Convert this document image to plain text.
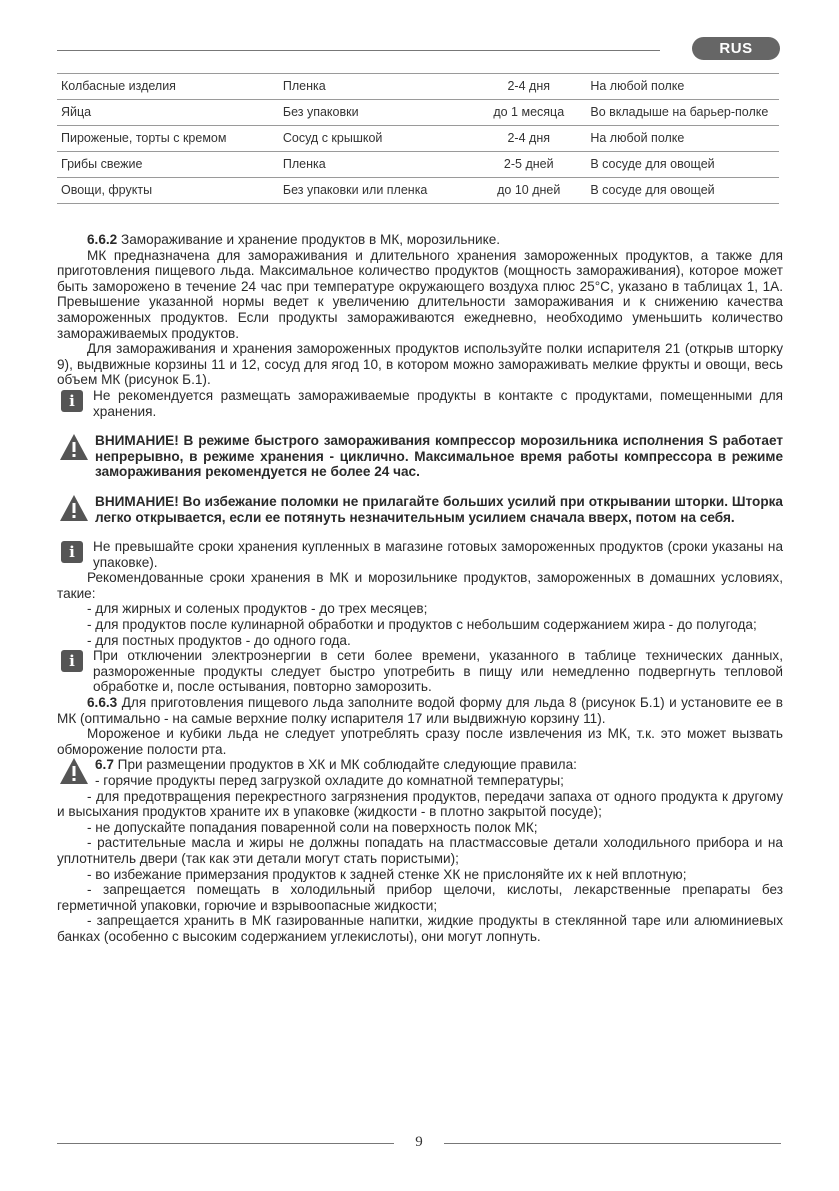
RUS
Колбасные изделия	Пленка	2-4 дня	На любой полке
Яйца	Без упаковки	до 1 месяца	Во вкладыше на барьер-полке
Пироженые, торты с кремом	Сосуд с крышкой	2-4 дня	На любой полке
Грибы свежие	Пленка	2-5 дней	В сосуде для овощей
Овощи, фрукты	Без упаковки или пленка	до 10 дней	В сосуде для овощей

6.6.2 Замораживание и хранение продуктов в МК, морозильнике.

МК предназначена для замораживания и длительного хранения замороженных продуктов, а также для приготовления пищевого льда. Максимальное количество продуктов (мощность замораживания), которое может быть заморожено в течение 24 час при температуре окружающего воздуха плюс 25°С, указано в таблицах 1, 1А. Превышение указанной нормы ведет к увеличению длительности замораживания и к снижению качества замороженных продуктов. Если продукты замораживаются ежедневно, необходимо уменьшить количество замораживаемых продуктов.

Для замораживания и хранения замороженных продуктов используйте полки испарителя 21 (открыв шторку 9), выдвижные корзины 11 и 12, сосуд для ягод 10, в котором можно замораживать мелкие фрукты и овощи, весь объем МК (рисунок Б.1).

i	Не рекомендуется размещать замораживаемые продукты в контакте с продуктами, помещенными для хранения.

ВНИМАНИЕ! В режиме быстрого замораживания компрессор морозильника исполнения S работает непрерывно, в режиме хранения - циклично. Максимальное время работы компрессора в режиме замораживания рекомендуется не более 24 час.

ВНИМАНИЕ! Во избежание поломки не прилагайте больших усилий при открывании шторки. Шторка легко открывается, если ее потянуть незначительным усилием сначала вверх, потом на себя.

i	Не превышайте сроки хранения купленных в магазине готовых замороженных продуктов (сроки указаны на упаковке).

Рекомендованные сроки хранения в МК и морозильнике продуктов, замороженных в домашних условиях, такие:

- для жирных и соленых продуктов - до трех месяцев;

- для продуктов после кулинарной обработки и продуктов с небольшим содержанием жира - до полугода;

- для постных продуктов - до одного года.

i	При отключении электроэнергии в сети более времени, указанного в таблице технических данных, размороженные продукты следует быстро употребить в пищу или немедленно подвергнуть тепловой обработке и, после остывания, повторно заморозить.

6.6.3 Для приготовления пищевого льда заполните водой форму для льда 8 (рисунок Б.1) и установите ее в МК (оптимально - на самые верхние полку испарителя 17 или выдвижную корзину 11).

Мороженое и кубики льда не следует употреблять сразу после извлечения из МК, т.к. это может вызвать обморожение полости рта.

6.7 При размещении продуктов в ХК и МК соблюдайте следующие правила:

- горячие продукты перед загрузкой охладите до комнатной температуры;

- для предотвращения перекрестного загрязнения продуктов, передачи запаха от одного продукта к другому и высыхания продуктов храните их в упаковке (жидкости - в плотно закрытой посуде);

- не допускайте попадания поваренной соли на поверхность полок МК;

- растительные масла и жиры не должны попадать на пластмассовые детали холодильного прибора и на уплотнитель двери (так как эти детали могут стать пористыми);

- во избежание примерзания продуктов к задней стенке ХК не прислоняйте их к ней вплотную;

- запрещается помещать в холодильный прибор щелочи, кислоты, лекарственные препараты без герметичной упаковки, горючие и взрывоопасные жидкости;

- запрещается хранить в МК газированные напитки, жидкие продукты в стеклянной таре или алюминиевых банках (особенно с высоким содержанием углекислоты), они могут лопнуть.

9
